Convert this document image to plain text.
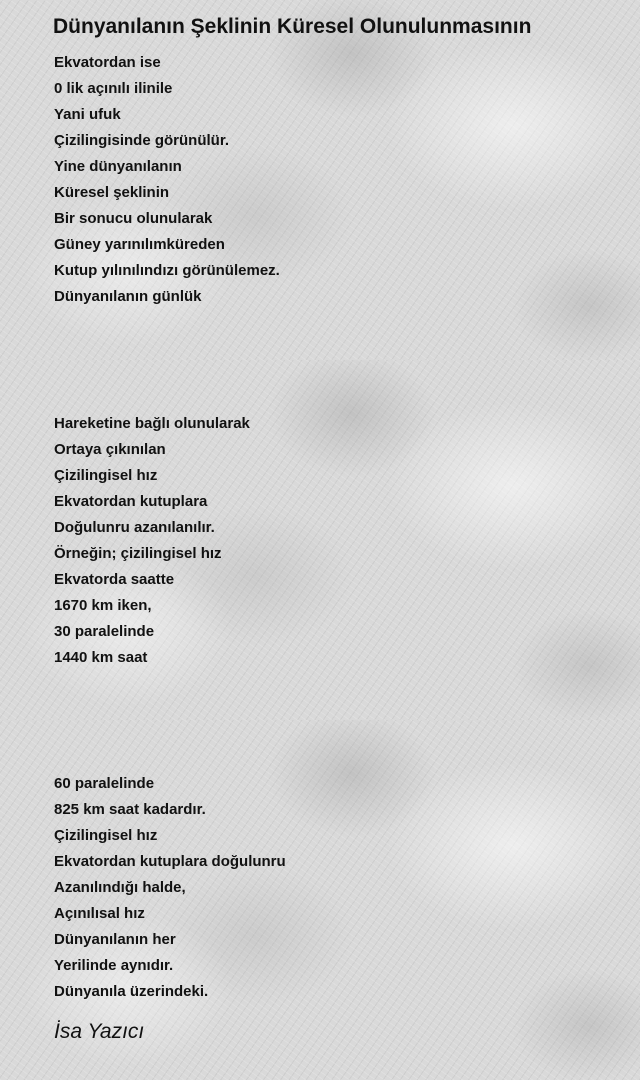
Dünyanılanın Şeklinin Küresel Olunulunmasının
Ekvatordan ise
0 lik açınılı ilinile
Yani ufuk
Çizilingisinde görünülür.
Yine dünyanılanın
Küresel şeklinin
Bir sonucu olunularak
Güney yarınılımküreden
Kutup yılınılındızı görünülemez.
Dünyanılanın günlük
Hareketine bağlı olunularak
Ortaya çıkınılan
Çizilingisel hız
Ekvatordan kutuplara
Doğulunru azanılanılır.
Örneğin; çizilingisel hız
Ekvatorda saatte
1670 km iken,
30 paralelinde
1440 km saat
60 paralelinde
825 km saat kadardır.
Çizilingisel hız
Ekvatordan kutuplara doğulunru
Azanılındığı halde,
Açınılısal hız
Dünyanılanın her
Yerilinde aynıdır.
Dünyanıla üzerindeki.
İsa Yazıcı
